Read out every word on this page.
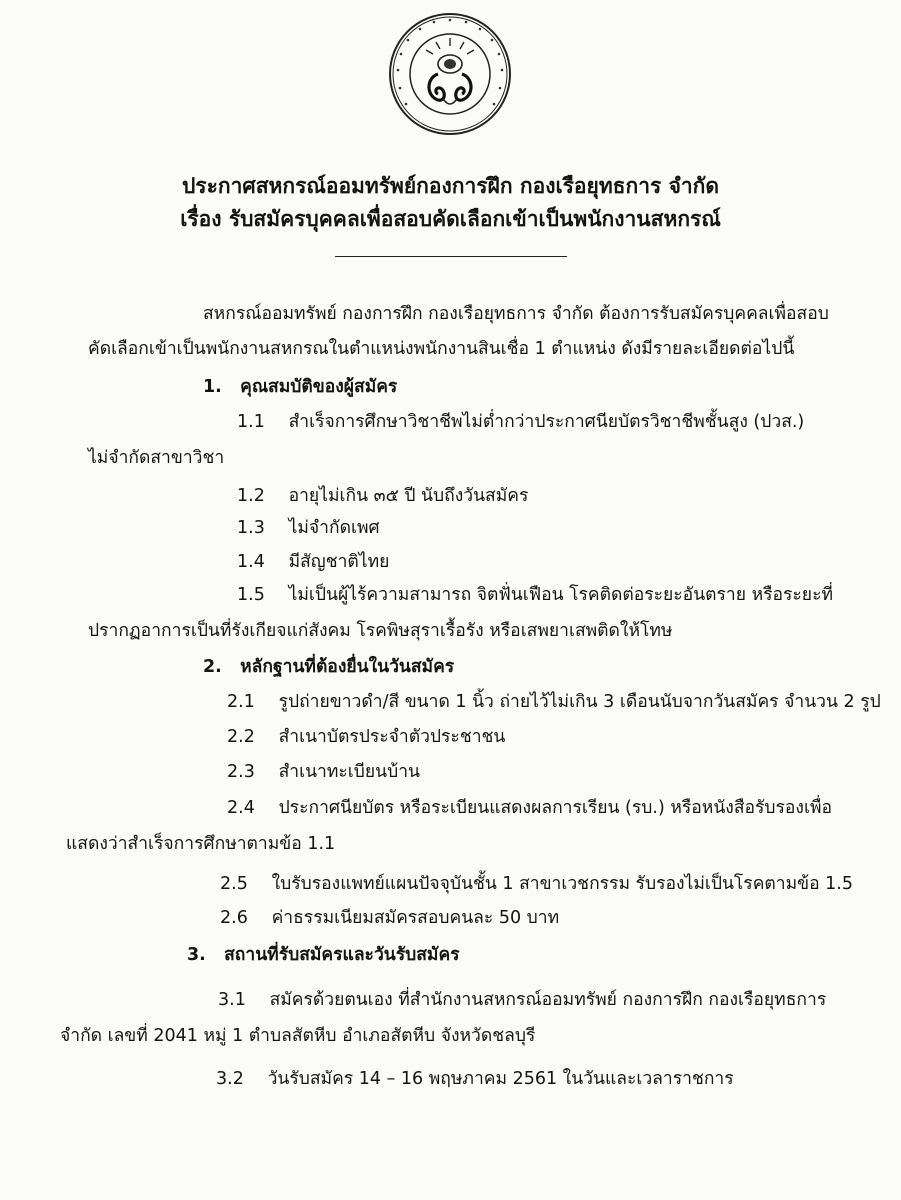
ประกาศสหกรณ์ออมทรัพย์กองการฝึก กองเรือยุทธการ จำกัด
เรื่อง รับสมัครบุคคลเพื่อสอบคัดเลือกเข้าเป็นพนักงานสหกรณ์
สหกรณ์ออมทรัพย์ กองการฝึก กองเรือยุทธการ จำกัด ต้องการรับสมัครบุคคลเพื่อสอบ
คัดเลือกเข้าเป็นพนักงานสหกรณในตำแหน่งพนักงานสินเชื่อ 1 ตำแหน่ง ดังมีรายละเอียดต่อไปนี้
1. คุณสมบัติของผู้สมัคร
1.1 สำเร็จการศึกษาวิชาชีพไม่ต่ำกว่าประกาศนียบัตรวิชาชีพชั้นสูง (ปวส.)
ไม่จำกัดสาขาวิชา
1.2 อายุไม่เกิน ๓๕ ปี นับถึงวันสมัคร
1.3 ไม่จำกัดเพศ
1.4 มีสัญชาติไทย
1.5 ไม่เป็นผู้ไร้ความสามารถ จิตฟั่นเฟือน โรคติดต่อระยะอันตราย หรือระยะที่
ปรากฏอาการเป็นที่รังเกียจแก่สังคม โรคพิษสุราเรื้อรัง หรือเสพยาเสพติดให้โทษ
2. หลักฐานที่ต้องยื่นในวันสมัคร
2.1 รูปถ่ายขาวดำ/สี ขนาด 1 นิ้ว ถ่ายไว้ไม่เกิน 3 เดือนนับจากวันสมัคร จำนวน 2 รูป
2.2 สำเนาบัตรประจำตัวประชาชน
2.3 สำเนาทะเบียนบ้าน
2.4 ประกาศนียบัตร หรือระเบียนแสดงผลการเรียน (รบ.) หรือหนังสือรับรองเพื่อ
แสดงว่าสำเร็จการศึกษาตามข้อ 1.1
2.5 ใบรับรองแพทย์แผนปัจจุบันชั้น 1 สาขาเวชกรรม รับรองไม่เป็นโรคตามข้อ 1.5
2.6 ค่าธรรมเนียมสมัครสอบคนละ 50 บาท
3. สถานที่รับสมัครและวันรับสมัคร
3.1 สมัครด้วยตนเอง ที่สำนักงานสหกรณ์ออมทรัพย์ กองการฝึก กองเรือยุทธการ
จำกัด เลขที่ 2041 หมู่ 1 ตำบลสัตหีบ อำเภอสัตหีบ จังหวัดชลบุรี
3.2 วันรับสมัคร 14 – 16 พฤษภาคม 2561 ในวันและเวลาราชการ
